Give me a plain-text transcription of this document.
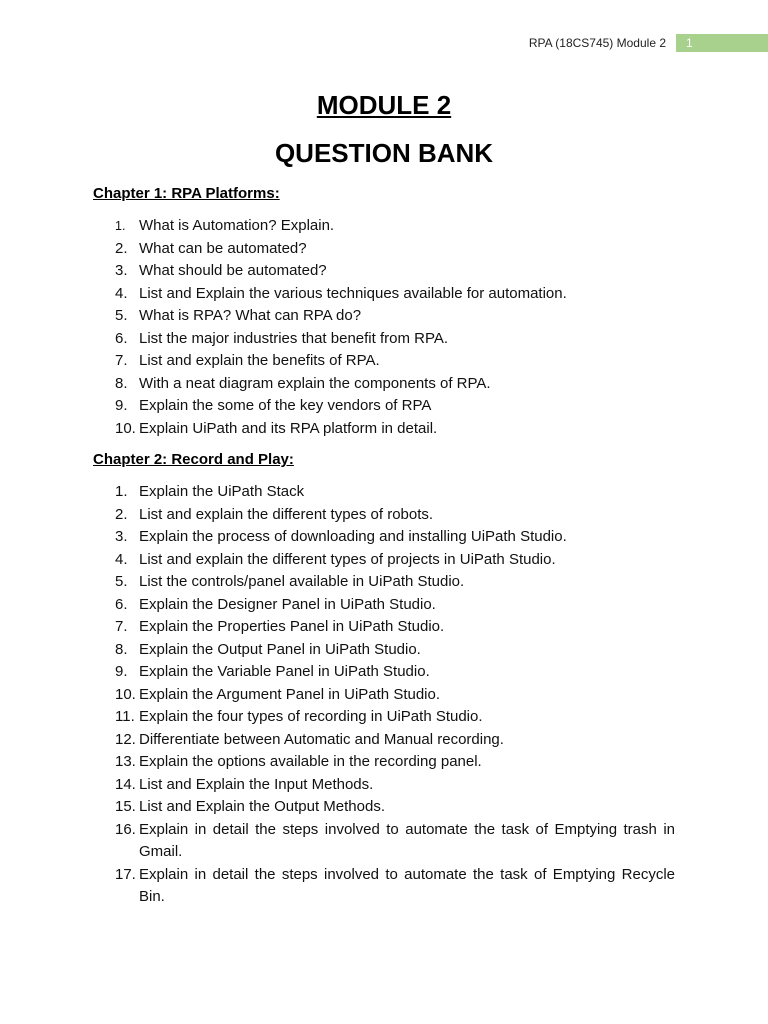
RPA (18CS745) Module 2	1
MODULE 2
QUESTION BANK
Chapter 1: RPA Platforms:
1. What is Automation? Explain.
2. What can be automated?
3. What should be automated?
4. List and Explain the various techniques available for automation.
5. What is RPA? What can RPA do?
6. List the major industries that benefit from RPA.
7. List and explain the benefits of RPA.
8. With a neat diagram explain the components of RPA.
9. Explain the some of the key vendors of RPA
10. Explain UiPath and its RPA platform in detail.
Chapter 2: Record and Play:
1. Explain the UiPath Stack
2. List and explain the different types of robots.
3. Explain the process of downloading and installing UiPath Studio.
4. List and explain the different types of projects in UiPath Studio.
5. List the controls/panel available in UiPath Studio.
6. Explain the Designer Panel in UiPath Studio.
7. Explain the Properties Panel in UiPath Studio.
8. Explain the Output Panel in UiPath Studio.
9. Explain the Variable Panel in UiPath Studio.
10. Explain the Argument Panel in UiPath Studio.
11. Explain the four types of recording in UiPath Studio.
12. Differentiate between Automatic and Manual recording.
13. Explain the options available in the recording panel.
14. List and Explain the Input Methods.
15. List and Explain the Output Methods.
16. Explain in detail the steps involved to automate the task of Emptying trash in Gmail.
17. Explain in detail the steps involved to automate the task of Emptying Recycle Bin.
